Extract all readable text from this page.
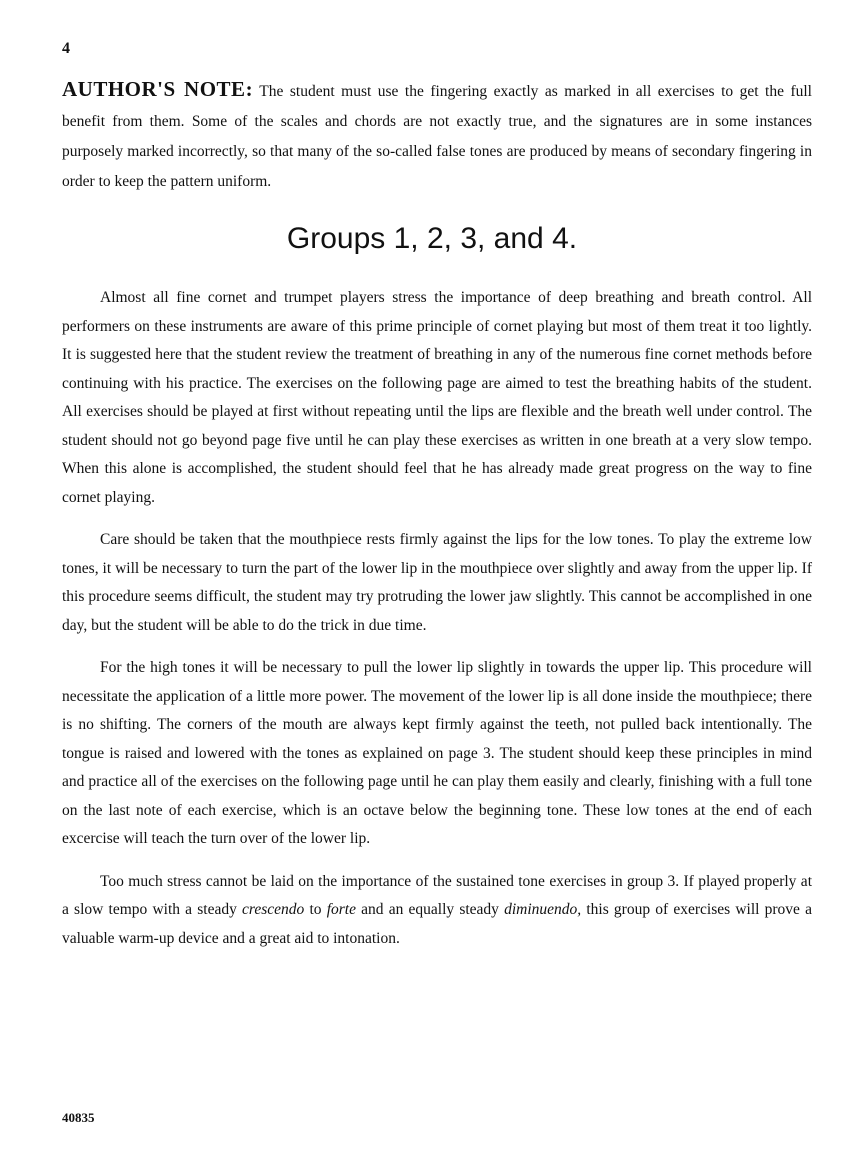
4

AUTHOR'S NOTE: The student must use the fingering exactly as marked in all exercises to get the full benefit from them. Some of the scales and chords are not exactly true, and the signatures are in some instances purposely marked incorrectly, so that many of the so-called false tones are produced by means of secondary fingering in order to keep the pattern uniform.

Groups 1, 2, 3, and 4.

Almost all fine cornet and trumpet players stress the importance of deep breathing and breath control. All performers on these instruments are aware of this prime principle of cornet playing but most of them treat it too lightly. It is suggested here that the student review the treatment of breathing in any of the numerous fine cornet methods before continuing with his practice. The exercises on the following page are aimed to test the breathing habits of the student. All exercises should be played at first without repeating until the lips are flexible and the breath well under control. The student should not go beyond page five until he can play these exercises as written in one breath at a very slow tempo. When this alone is accomplished, the student should feel that he has already made great progress on the way to fine cornet playing.

Care should be taken that the mouthpiece rests firmly against the lips for the low tones. To play the extreme low tones, it will be necessary to turn the part of the lower lip in the mouthpiece over slightly and away from the upper lip. If this procedure seems difficult, the student may try protruding the lower jaw slightly. This cannot be accomplished in one day, but the student will be able to do the trick in due time.

For the high tones it will be necessary to pull the lower lip slightly in towards the upper lip. This procedure will necessitate the application of a little more power. The movement of the lower lip is all done inside the mouthpiece; there is no shifting. The corners of the mouth are always kept firmly against the teeth, not pulled back intentionally. The tongue is raised and lowered with the tones as explained on page 3. The student should keep these principles in mind and practice all of the exercises on the following page until he can play them easily and clearly, finishing with a full tone on the last note of each exercise, which is an octave below the beginning tone. These low tones at the end of each excercise will teach the turn over of the lower lip.

Too much stress cannot be laid on the importance of the sustained tone exercises in group 3. If played properly at a slow tempo with a steady crescendo to forte and an equally steady diminuendo, this group of exercises will prove a valuable warm-up device and a great aid to intonation.

40835
